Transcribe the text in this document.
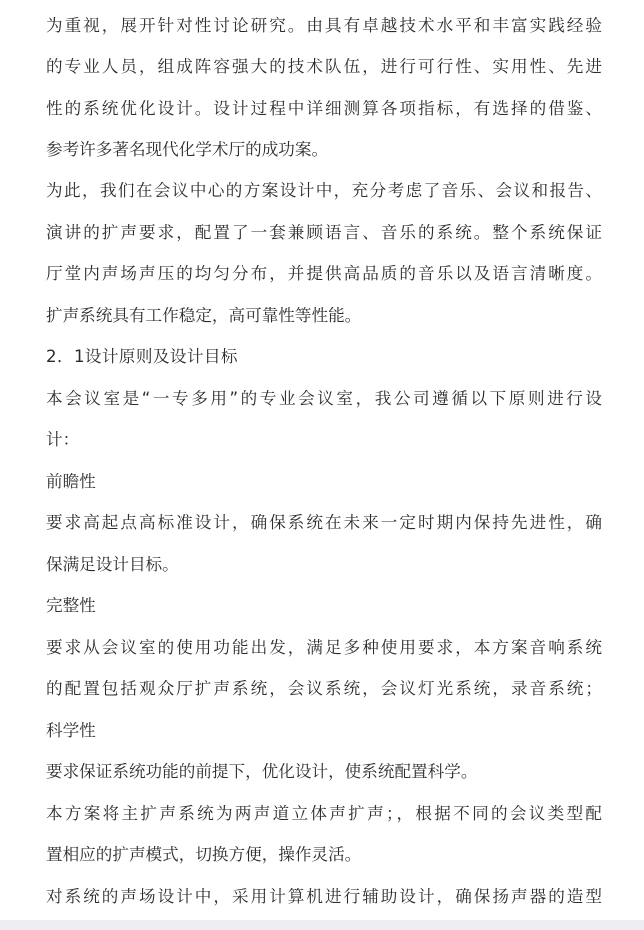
为重视，展开针对性讨论研究。由具有卓越技术水平和丰富实践经验
的专业人员，组成阵容强大的技术队伍，进行可行性、实用性、先进
性的系统优化设计。设计过程中详细测算各项指标，有选择的借鉴、
参考许多著名现代化学术厅的成功案。
为此，我们在会议中心的方案设计中，充分考虑了音乐、会议和报告、
演讲的扩声要求，配置了一套兼顾语言、音乐的系统。整个系统保证
厅堂内声场声压的均匀分布，并提供高品质的音乐以及语言清晰度。
扩声系统具有工作稳定，高可靠性等性能。
2．1设计原则及设计目标
本会议室是“一专多用”的专业会议室，我公司遵循以下原则进行设
计：
前瞻性
要求高起点高标准设计，确保系统在未来一定时期内保持先进性，确
保满足设计目标。
完整性
要求从会议室的使用功能出发，满足多种使用要求，本方案音响系统
的配置包括观众厅扩声系统，会议系统，会议灯光系统，录音系统；
科学性
要求保证系统功能的前提下，优化设计，使系统配置科学。
本方案将主扩声系统为两声道立体声扩声；，根据不同的会议类型配
置相应的扩声模式，切换方便，操作灵活。
对系统的声场设计中，采用计算机进行辅助设计，确保扬声器的造型
